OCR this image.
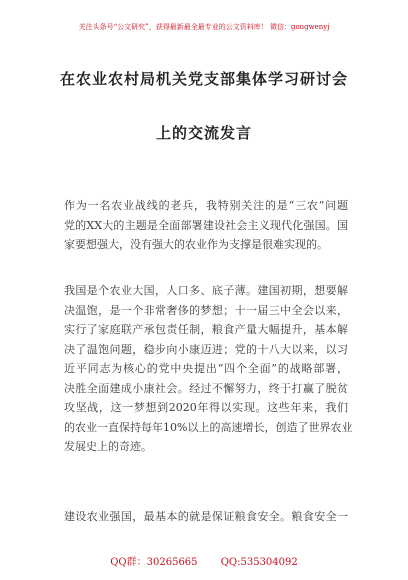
关注头条号“公文研究”，获得最新最全最专业的公文资料库！ 微信：gongwenyj
在农业农村局机关党支部集体学习研讨会
上的交流发言
作为一名农业战线的老兵，我特别关注的是“三农”问题
党的XX大的主题是全面部署建设社会主义现代化强国。国
家要想强大，没有强大的农业作为支撑是很难实现的。
我国是个农业大国，人口多、底子薄。建国初期，想要解
决温饱，是一个非常奢侈的梦想；十一届三中全会以来，
实行了家庭联产承包责任制，粮食产量大幅提升，基本解
决了温饱问题，稳步向小康迈进；党的十八大以来，以习
近平同志为核心的党中央提出“四个全面”的战略部署，
决胜全面建成小康社会。经过不懈努力，终于打赢了脱贫
攻坚战，这一梦想到2020年得以实现。这些年来，我们
的农业一直保持每年10%以上的高速增长，创造了世界农业
发展史上的奇迹。
建设农业强国，最基本的就是保证粮食安全。粮食安全一
QQ群：30265665 QQ:535304092
